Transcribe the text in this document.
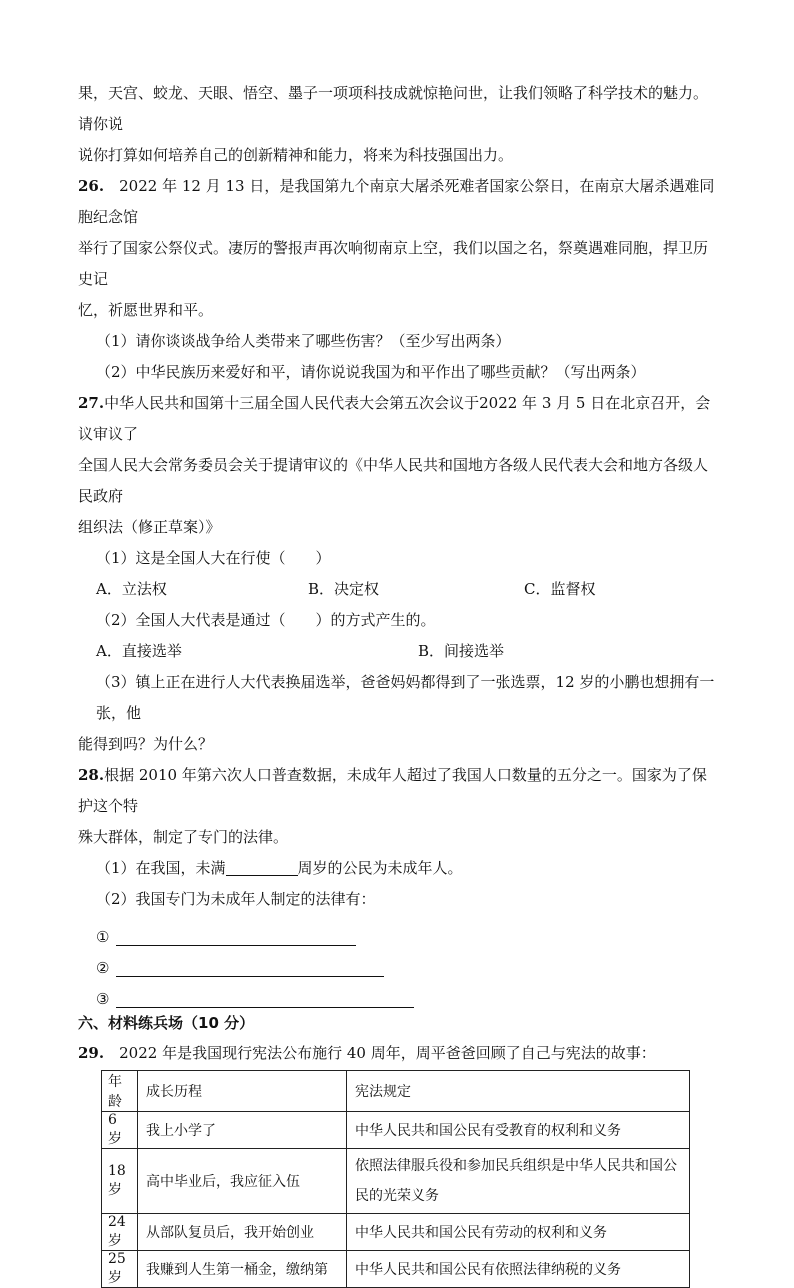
果，天宫、蛟龙、天眼、悟空、墨子一项项科技成就惊艳问世，让我们领略了科学技术的魅力。请你说

说你打算如何培养自己的创新精神和能力，将来为科技强国出力。

26.　 2022 年 12 月 13 日，是我国第九个南京大屠杀死难者国家公祭日，在南京大屠杀遇难同胞纪念馆

举行了国家公祭仪式。凄厉的警报声再次响彻南京上空，我们以国之名，祭奠遇难同胞，捍卫历史记

忆，祈愿世界和平。

（1）请你谈谈战争给人类带来了哪些伤害？（至少写出两条）

（2）中华民族历来爱好和平，请你说说我国为和平作出了哪些贡献？（写出两条）

27.中华人民共和国第十三届全国人民代表大会第五次会议于2022 年 3 月 5 日在北京召开，会议审议了

全国人民大会常务委员会关于提请审议的《中华人民共和国地方各级人民代表大会和地方各级人民政府

组织法（修正草案）》

（1）这是全国人大在行使（　　）

A．立法权	B．决定权	C．监督权

（2）全国人大代表是通过（　　）的方式产生的。

A．直接选举	B．间接选举

（3）镇上正在进行人大代表换届选举，爸爸妈妈都得到了一张选票，12 岁的小鹏也想拥有一张，他

能得到吗？为什么？

28.根据 2010 年第六次人口普查数据，未成年人超过了我国人口数量的五分之一。国家为了保护这个特

殊大群体，制定了专门的法律。

（1）在我国，未满	周岁的公民为未成年人。

（2）我国专门为未成年人制定的法律有：

①
②
③

六、材料练兵场（10 分）

29.　 2022 年是我国现行宪法公布施行 40 周年，周平爸爸回顾了自己与宪法的故事：

年龄	成长历程	宪法规定
6 岁	我上小学了	中华人民共和国公民有受教育的权利和义务
18 岁	高中毕业后，我应征入伍	依照法律服兵役和参加民兵组织是中华人民共和国公民的光荣义务
24 岁	从部队复员后，我开始创业	中华人民共和国公民有劳动的权利和义务
25 岁	我赚到人生第一桶金，缴纳第	中华人民共和国公民有依照法律纳税的义务
